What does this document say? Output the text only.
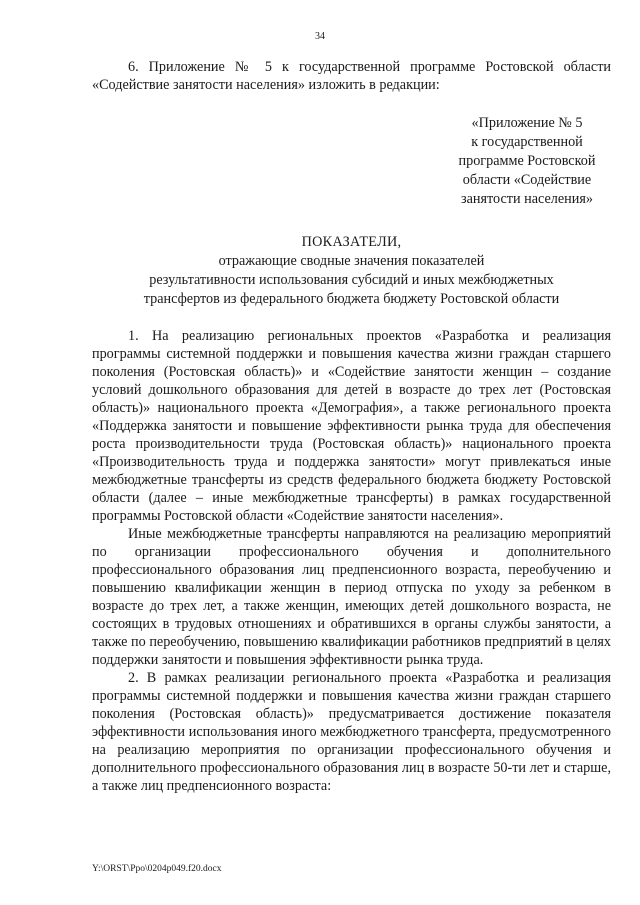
34

6. Приложение № 5 к государственной программе Ростовской области «Содействие занятости населения» изложить в редакции:

«Приложение № 5
к государственной
программе Ростовской
области «Содействие
занятости населения»
ПОКАЗАТЕЛИ,
отражающие сводные значения показателей
результативности использования субсидий и иных межбюджетных
трансфертов из федерального бюджета бюджету Ростовской области

1. На реализацию региональных проектов «Разработка и реализация программы системной поддержки и повышения качества жизни граждан старшего поколения (Ростовская область)» и «Содействие занятости женщин – создание условий дошкольного образования для детей в возрасте до трех лет (Ростовская область)» национального проекта «Демография», а также регионального проекта «Поддержка занятости и повышение эффективности рынка труда для обеспечения роста производительности труда (Ростовская область)» национального проекта «Производительность труда и поддержка занятости» могут привлекаться иные межбюджетные трансферты из средств федерального бюджета бюджету Ростовской области (далее – иные межбюджетные трансферты) в рамках государственной программы Ростовской области «Содействие занятости населения».

Иные межбюджетные трансферты направляются на реализацию мероприятий по организации профессионального обучения и дополнительного профессионального образования лиц предпенсионного возраста, переобучению и повышению квалификации женщин в период отпуска по уходу за ребенком в возрасте до трех лет, а также женщин, имеющих детей дошкольного возраста, не состоящих в трудовых отношениях и обратившихся в органы службы занятости, а также по переобучению, повышению квалификации работников предприятий в целях поддержки занятости и повышения эффективности рынка труда.

2. В рамках реализации регионального проекта «Разработка и реализация программы системной поддержки и повышения качества жизни граждан старшего поколения (Ростовская область)» предусматривается достижение показателя эффективности использования иного межбюджетного трансферта, предусмотренного на реализацию мероприятия по организации профессионального обучения и дополнительного профессионального образования лиц в возрасте 50-ти лет и старше, а также лиц предпенсионного возраста:

Y:\ORST\Ppo\0204p049.f20.docx
